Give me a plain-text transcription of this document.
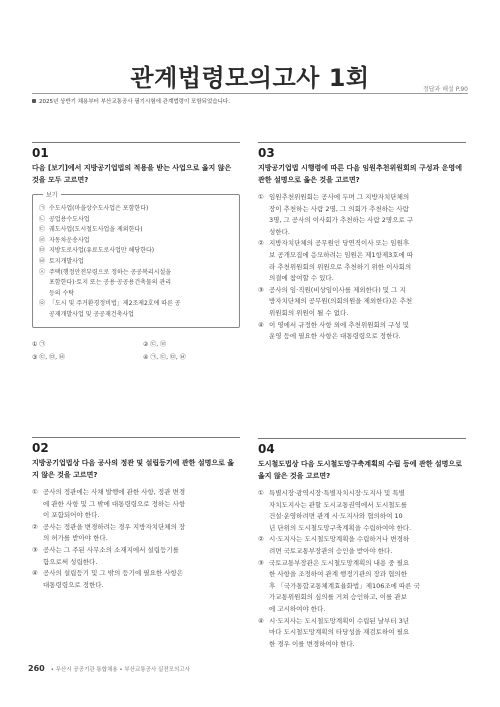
관계법령모의고사 1회	정답과 해설 P.90
2025년 상반기 채용부터 부산교통공사 필기시험에 관계법령이 포함되었습니다.
01
다음 [보기]에서 지방공기업법의 적용을 받는 사업으로 옳지 않은 것을 모두 고르면?
보기
㉠ 수도사업(마을상수도사업은 포함한다)
㉡ 공업용수도사업
㉢ 궤도사업(도시철도사업을 제외한다)
㉣ 자동차운송사업
㉤ 지방도로사업(유료도로사업만 해당한다)
㉥ 토지개발사업
㉦ 주택(행정안전부령으로 정하는 공공복리시설을
포함한다)·토지 또는 공용·공공용건축물의 관리
등의 수탁
㉧ 「도시 및 주거환경정비법」제2조제2호에 따른 공
공재개발사업 및 공공재건축사업
① ㉠	② ㉢, ㉣
③ ㉢, ㉤, ㉥	④ ㉠, ㉢, ㉤, ㉥
02
지방공기업법상 다음 공사의 정관 및 설립등기에 관한 설명으로 옳지 않은 것을 고르면?
① 공사의 정관에는 사채 발행에 관한 사항, 정관 변경
에 관한 사항 및 그 밖에 대통령령으로 정하는 사항
이 포함되어야 한다.
② 공사는 정관을 변경하려는 경우 지방자치단체의 장
의 허가를 받아야 한다.
③ 공사는 그 주된 사무소의 소재지에서 설립등기를
함으로써 성립한다.
④ 공사의 설립등기 및 그 밖의 등기에 필요한 사항은
대통령령으로 정한다.
03
지방공기업법 시행령에 따른 다음 임원추천위원회의 구성과 운영에 관한 설명으로 옳은 것을 고르면?
① 임원추천위원회는 공사에 두며 그 지방자치단체의
장이 추천하는 사람 2명, 그 의회가 추천하는 사람
3명, 그 공사의 이사회가 추천하는 사람 2명으로 구
성한다.
② 지방자치단체의 공무원인 당연직이사 또는 임원후
보 공개모집에 응모하려는 임원은 제1항제3호에 따
라 추천위원회의 위원으로 추천하기 위한 이사회의
의결에 참여할 수 있다.
③ 공사의 임·직원(비상임이사를 제외한다) 및 그 지
방자치단체의 공무원(의회의원을 제외한다)은 추천
위원회의 위원이 될 수 없다.
④ 이 영에서 규정한 사항 외에 추천위원회의 구성 및
운영 등에 필요한 사항은 대통령령으로 정한다.
04
도시철도법상 다음 도시철도망구축계획의 수립 등에 관한 설명으로 옳지 않은 것을 고르면?
① 특별시장·광역시장·특별자치시장·도지사 및 특별
자치도지사는 관할 도시교통권역에서 도시철도를
건설·운영하려면 관계 시·도지사와 협의하여 10
년 단위의 도시철도망구축계획을 수립하여야 한다.
② 시·도지사는 도시철도망계획을 수립하거나 변경하
려면 국토교통부장관의 승인을 받아야 한다.
③ 국토교통부장관은 도시철도망계획의 내용 중 필요
한 사항을 조정하여 관계 행정기관의 장과 협의한
후 「국가통합교통체계효율화법」제106조에 따른 국
가교통위원회의 심의를 거쳐 승인하고, 이를 관보
에 고시하여야 한다.
④ 시·도지사는 도시철도망계획이 수립된 날부터 3년
마다 도시철도망계획의 타당성을 재검토하여 필요
한 경우 이를 변경하여야 한다.
260 • 무산시 공공기관 통합채용 • 부산교통공사 실전모의고사
